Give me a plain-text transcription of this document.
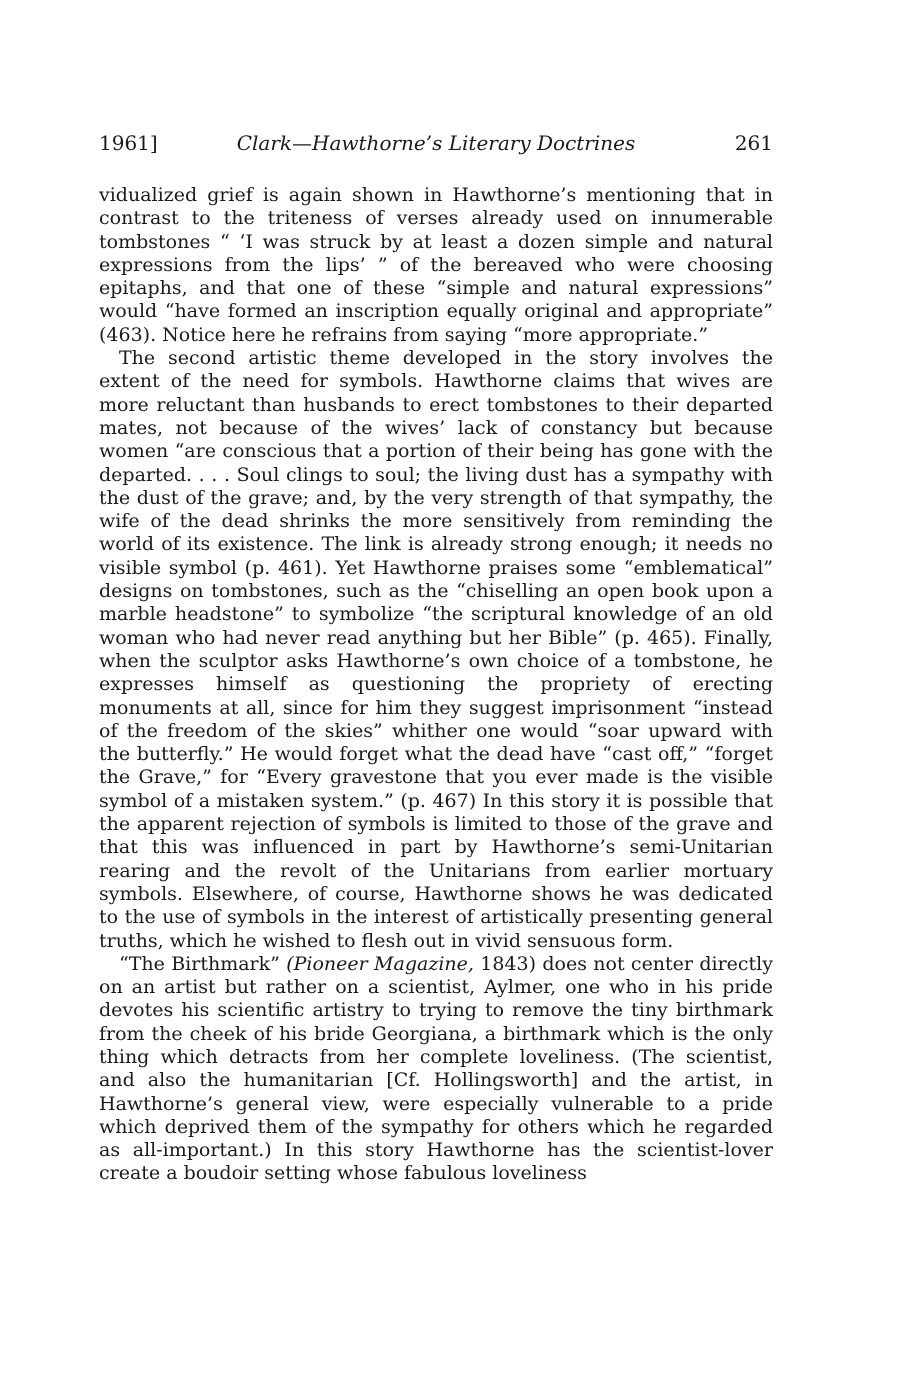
1961]	Clark—Hawthorne’s Literary Doctrines	261

vidualized grief is again shown in Hawthorne’s mentioning that in contrast to the triteness of verses already used on innumerable tombstones “ ‘I was struck by at least a dozen simple and natural expressions from the lips’ ” of the bereaved who were choosing epitaphs, and that one of these “simple and natural expressions” would “have formed an inscription equally original and appropriate” (463). Notice here he refrains from saying “more appropriate.”

The second artistic theme developed in the story involves the extent of the need for symbols. Hawthorne claims that wives are more reluctant than husbands to erect tombstones to their departed mates, not because of the wives’ lack of constancy but because women “are conscious that a portion of their being has gone with the departed. . . . Soul clings to soul; the living dust has a sympathy with the dust of the grave; and, by the very strength of that sympathy, the wife of the dead shrinks the more sensitively from reminding the world of its existence. The link is already strong enough; it needs no visible symbol (p. 461). Yet Hawthorne praises some “emblematical” designs on tombstones, such as the “chiselling an open book upon a marble headstone” to symbolize “the scriptural knowledge of an old woman who had never read anything but her Bible” (p. 465). Finally, when the sculptor asks Hawthorne’s own choice of a tombstone, he expresses himself as questioning the propriety of erecting monuments at all, since for him they suggest imprisonment “instead of the freedom of the skies” whither one would “soar upward with the butterfly.” He would forget what the dead have “cast off,” “forget the Grave,” for “Every gravestone that you ever made is the visible symbol of a mistaken system.” (p. 467) In this story it is possible that the apparent rejection of symbols is limited to those of the grave and that this was influenced in part by Hawthorne’s semi-Unitarian rearing and the revolt of the Unitarians from earlier mortuary symbols. Elsewhere, of course, Hawthorne shows he was dedicated to the use of symbols in the interest of artistically presenting general truths, which he wished to flesh out in vivid sensuous form.

“The Birthmark” (Pioneer Magazine, 1843) does not center directly on an artist but rather on a scientist, Aylmer, one who in his pride devotes his scientific artistry to trying to remove the tiny birthmark from the cheek of his bride Georgiana, a birthmark which is the only thing which detracts from her complete loveliness. (The scientist, and also the humanitarian [Cf. Hollingsworth] and the artist, in Hawthorne’s general view, were especially vulnerable to a pride which deprived them of the sympathy for others which he regarded as all-important.) In this story Hawthorne has the scientist-lover create a boudoir setting whose fabulous loveliness
